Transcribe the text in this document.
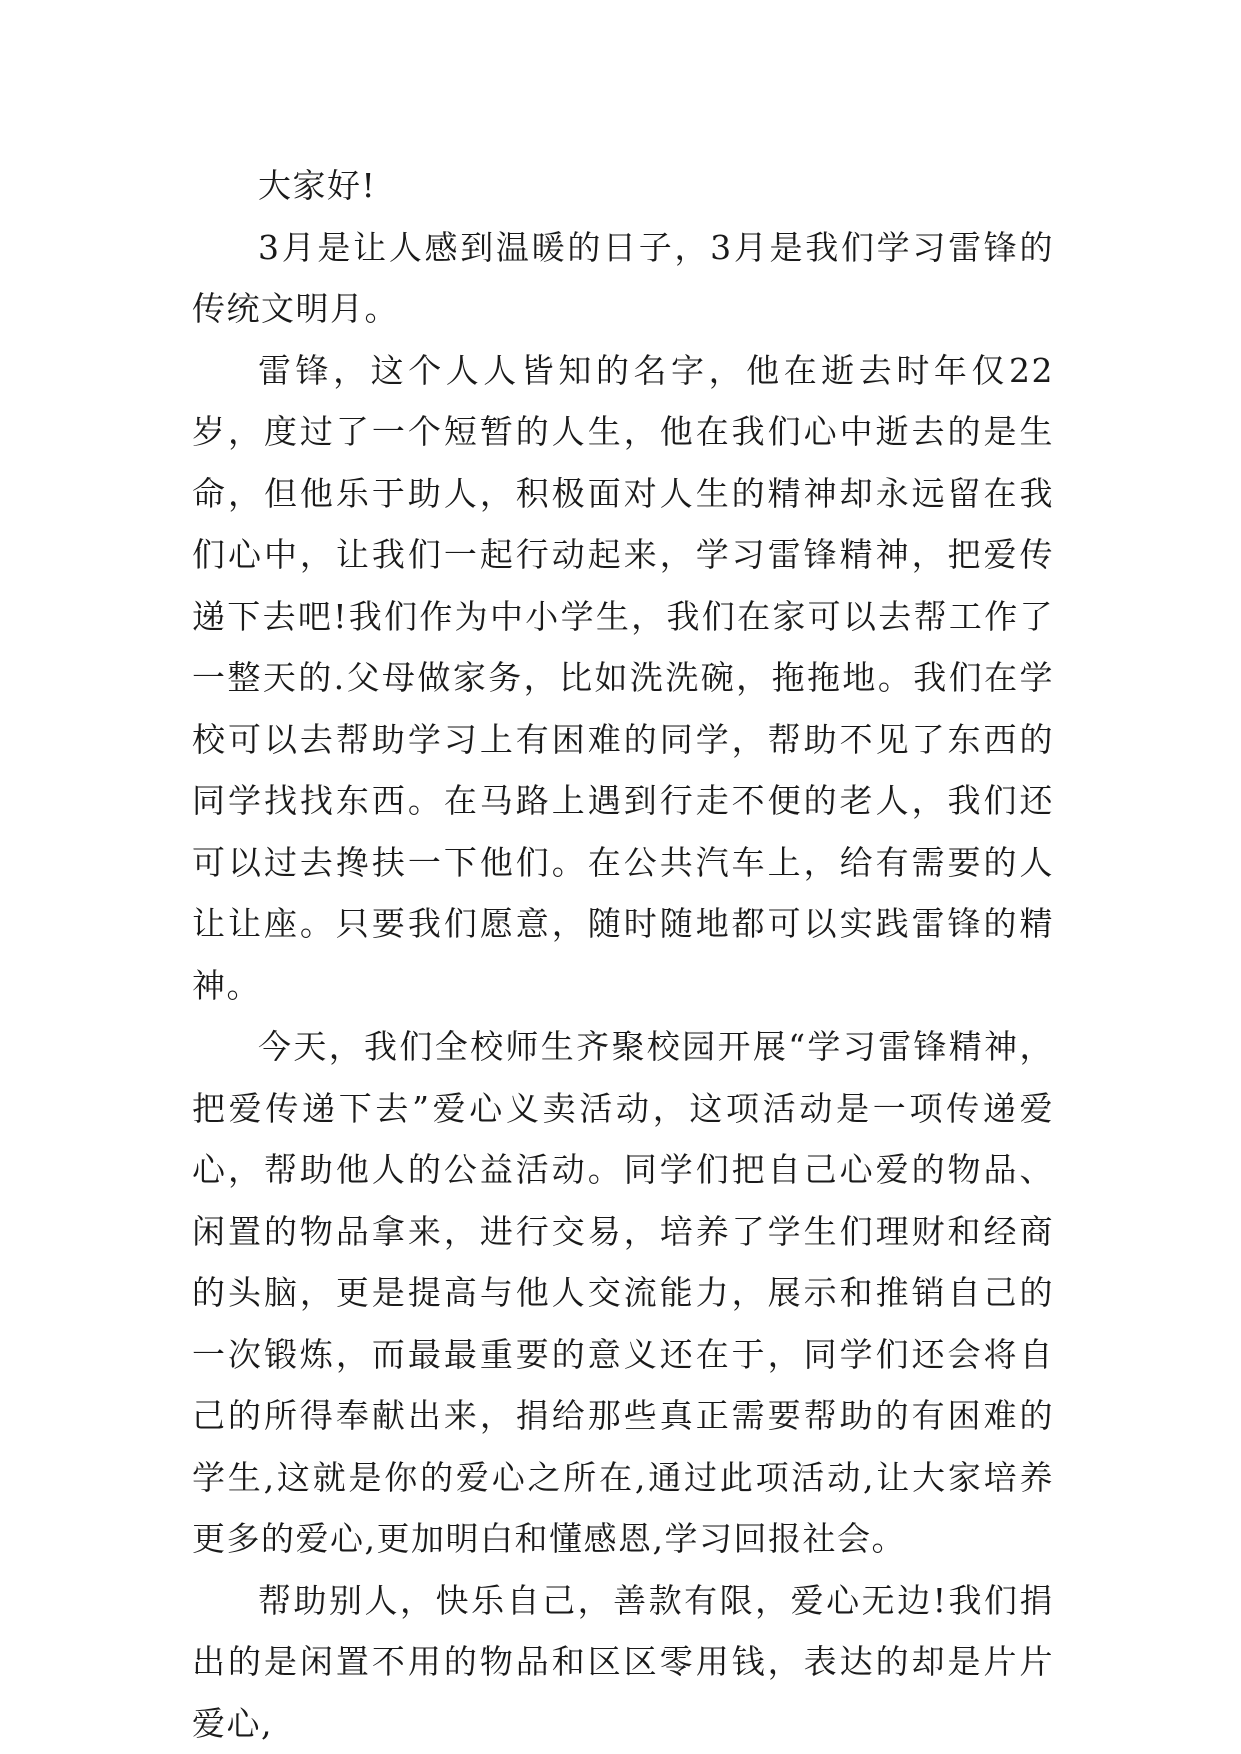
大家好!

3月是让人感到温暖的日子，3月是我们学习雷锋的传统文明月。

雷锋，这个人人皆知的名字，他在逝去时年仅22岁，度过了一个短暂的人生，他在我们心中逝去的是生命，但他乐于助人，积极面对人生的精神却永远留在我们心中，让我们一起行动起来，学习雷锋精神，把爱传递下去吧!我们作为中小学生，我们在家可以去帮工作了一整天的.父母做家务，比如洗洗碗，拖拖地。我们在学校可以去帮助学习上有困难的同学，帮助不见了东西的同学找找东西。在马路上遇到行走不便的老人，我们还可以过去搀扶一下他们。在公共汽车上，给有需要的人让让座。只要我们愿意，随时随地都可以实践雷锋的精神。

今天，我们全校师生齐聚校园开展“学习雷锋精神，把爱传递下去”爱心义卖活动，这项活动是一项传递爱心，帮助他人的公益活动。同学们把自己心爱的物品、闲置的物品拿来，进行交易，培养了学生们理财和经商的头脑，更是提高与他人交流能力，展示和推销自己的一次锻炼，而最最重要的意义还在于，同学们还会将自己的所得奉献出来，捐给那些真正需要帮助的有困难的学生,这就是你的爱心之所在,通过此项活动,让大家培养更多的爱心,更加明白和懂感恩,学习回报社会。

帮助别人，快乐自己，善款有限，爱心无边!我们捐出的是闲置不用的物品和区区零用钱，表达的却是片片爱心,
